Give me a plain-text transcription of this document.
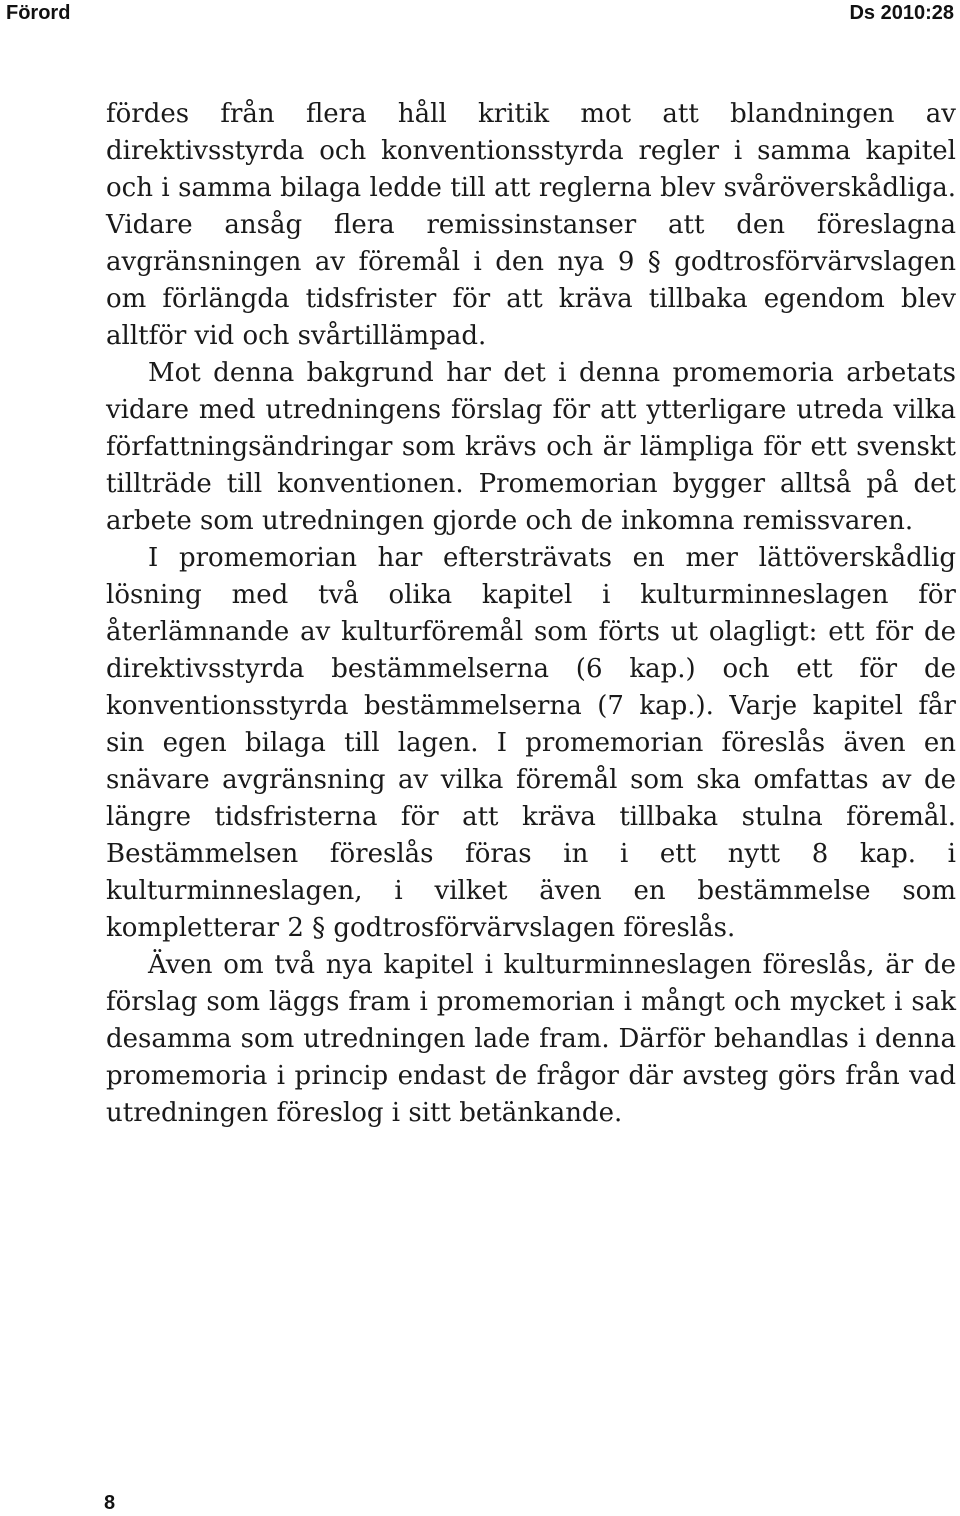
Förord	Ds 2010:28

fördes från flera håll kritik mot att blandningen av direktivsstyrda och konventionsstyrda regler i samma kapitel och i samma bilaga ledde till att reglerna blev svåröverskådliga. Vidare ansåg flera remissinstanser att den föreslagna avgränsningen av föremål i den nya 9 § godtrosförvärvslagen om förlängda tidsfrister för att kräva tillbaka egendom blev alltför vid och svårtillämpad.

Mot denna bakgrund har det i denna promemoria arbetats vidare med utredningens förslag för att ytterligare utreda vilka författningsändringar som krävs och är lämpliga för ett svenskt tillträde till konventionen. Promemorian bygger alltså på det arbete som utredningen gjorde och de inkomna remissvaren.

I promemorian har eftersträvats en mer lättöverskådlig lösning med två olika kapitel i kulturminneslagen för återlämnande av kulturföremål som förts ut olagligt: ett för de direktivsstyrda bestämmelserna (6 kap.) och ett för de konventionsstyrda bestämmelserna (7 kap.). Varje kapitel får sin egen bilaga till lagen. I promemorian föreslås även en snävare avgränsning av vilka föremål som ska omfattas av de längre tidsfristerna för att kräva tillbaka stulna föremål. Bestämmelsen föreslås föras in i ett nytt 8 kap. i kulturminneslagen, i vilket även en bestämmelse som kompletterar 2 § godtrosförvärvslagen föreslås.

Även om två nya kapitel i kulturminneslagen föreslås, är de förslag som läggs fram i promemorian i mångt och mycket i sak desamma som utredningen lade fram. Därför behandlas i denna promemoria i princip endast de frågor där avsteg görs från vad utredningen föreslog i sitt betänkande.

8
